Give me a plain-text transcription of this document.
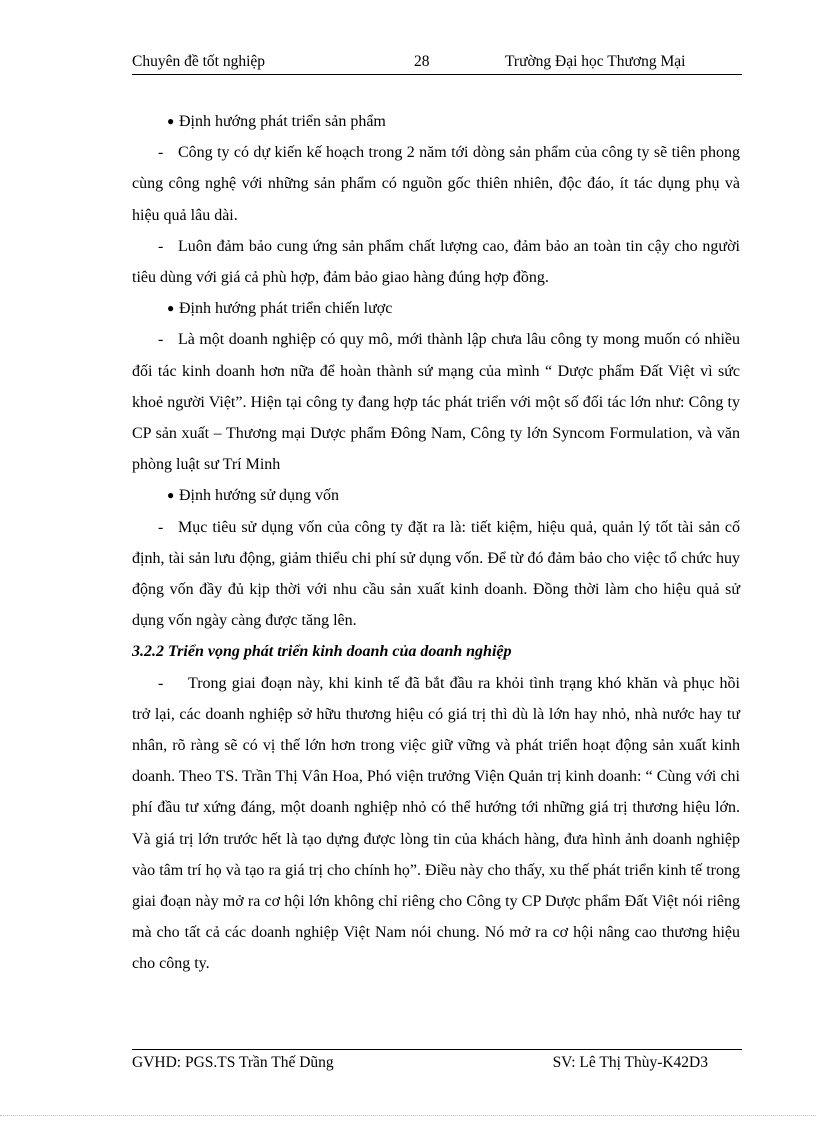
Chuyên đề tốt nghiệp	28	Trường Đại học Thương Mại

● Định hướng phát triển sản phẩm

- Công ty có dự kiến kế hoạch trong 2 năm tới dòng sản phẩm của công ty sẽ tiên phong cùng công nghệ với những sản phẩm có nguồn gốc thiên nhiên, độc đáo, ít tác dụng phụ và hiệu quả lâu dài.

- Luôn đảm bảo cung ứng sản phẩm chất lượng cao, đảm bảo an toàn tin cậy cho người tiêu dùng với giá cả phù hợp, đảm bảo giao hàng đúng hợp đồng.

● Định hướng phát triển chiến lược

- Là một doanh nghiệp có quy mô, mới thành lập chưa lâu công ty mong muốn có nhiều đối tác kinh doanh hơn nữa để hoàn thành sứ mạng của mình “ Dược phẩm Đất Việt vì sức khoẻ người Việt”. Hiện tại công ty đang hợp tác phát triển với một số đối tác lớn như: Công ty CP sản xuất – Thương mại Dược phẩm Đông Nam, Công ty lớn Syncom Formulation, và văn phòng luật sư Trí Minh

● Định hướng sử dụng vốn

- Mục tiêu sử dụng vốn của công ty đặt ra là: tiết kiệm, hiệu quả, quản lý tốt tài sản cố định, tài sản lưu động, giảm thiểu chi phí sử dụng vốn. Để từ đó đảm bảo cho việc tổ chức huy động vốn đầy đủ kịp thời với nhu cầu sản xuất kinh doanh. Đồng thời làm cho hiệu quả sử dụng vốn ngày càng được tăng lên.

3.2.2 Triển vọng phát triển kinh doanh của doanh nghiệp

- Trong giai đoạn này, khi kinh tế đã bắt đầu ra khỏi tình trạng khó khăn và phục hồi trở lại, các doanh nghiệp sở hữu thương hiệu có giá trị thì dù là lớn hay nhỏ, nhà nước hay tư nhân, rõ ràng sẽ có vị thế lớn hơn trong việc giữ vững và phát triển hoạt động sản xuất kinh doanh. Theo TS. Trần Thị Vân Hoa, Phó viện trưởng Viện Quản trị kinh doanh: “ Cùng với chi phí đầu tư xứng đáng, một doanh nghiệp nhỏ có thể hướng tới những giá trị thương hiệu lớn. Và giá trị lớn trước hết là tạo dựng được lòng tin của khách hàng, đưa hình ảnh doanh nghiệp vào tâm trí họ và tạo ra giá trị cho chính họ”. Điều này cho thấy, xu thế phát triển kinh tế trong giai đoạn này mở ra cơ hội lớn không chỉ riêng cho Công ty CP Dược phẩm Đất Việt nói riêng mà cho tất cả các doanh nghiệp Việt Nam nói chung. Nó mở ra cơ hội nâng cao thương hiệu cho công ty.

GVHD: PGS.TS Trần Thế Dũng	SV: Lê Thị Thùy-K42D3
